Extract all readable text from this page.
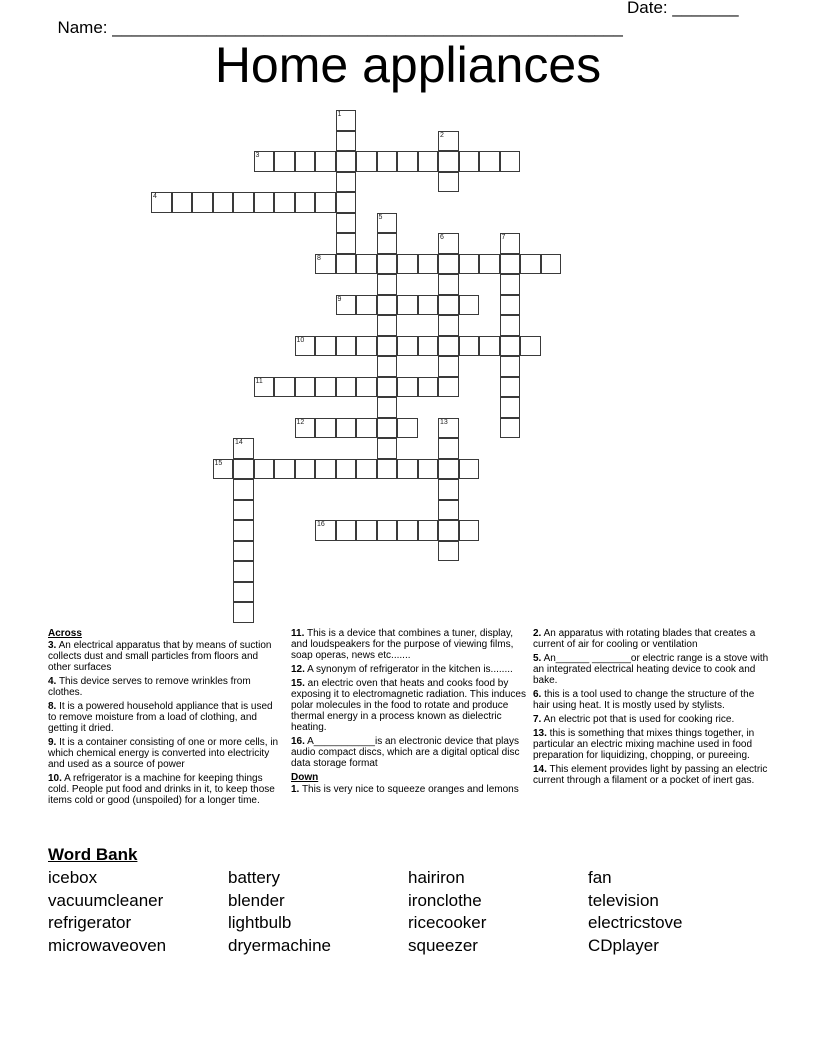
Name: ______________________________________________________

Date: _______

Home appliances
1
2
3
4
5
6	7
8
9
10
11
12	13
14
15
16
Across
3. An electrical apparatus that by means of suction collects dust and small particles from floors and other surfaces
4. This device serves to remove wrinkles from clothes.
8. It is a powered household appliance that is used to remove moisture from a load of clothing, and getting it dried.
9. It is a container consisting of one or more cells, in which chemical energy is converted into electricity and used as a source of power
10. A refrigerator is a machine for keeping things cold. People put food and drinks in it, to keep those items cold or good (unspoiled) for a longer time.
11. This is a device that combines a tuner, display, and loudspeakers for the purpose of viewing films, soap operas, news etc.......
12. A synonym of refrigerator in the kitchen is........
15. an electric oven that heats and cooks food by exposing it to electromagnetic radiation. This induces polar molecules in the food to rotate and produce thermal energy in a process known as dielectric heating.
16. A___________is an electronic device that plays audio compact discs, which are a digital optical disc data storage format
Down
1. This is very nice to squeeze oranges and lemons
2. An apparatus with rotating blades that creates a current of air for cooling or ventilation
5. An______ _______or electric range is a stove with an integrated electrical heating device to cook and bake.
6. this is a tool used to change the structure of the hair using heat. It is mostly used by stylists.
7. An electric pot that is used for cooking rice.
13. this is something that mixes things together, in particular an electric mixing machine used in food preparation for liquidizing, chopping, or pureeing.
14. This element provides light by passing an electric current through a filament or a pocket of inert gas.
Word Bank
icebox
vacuumcleaner
refrigerator
microwaveoven
battery
blender
lightbulb
dryermachine
hairiron
ironclothe
ricecooker
squeezer
fan
television
electricstove
CDplayer
